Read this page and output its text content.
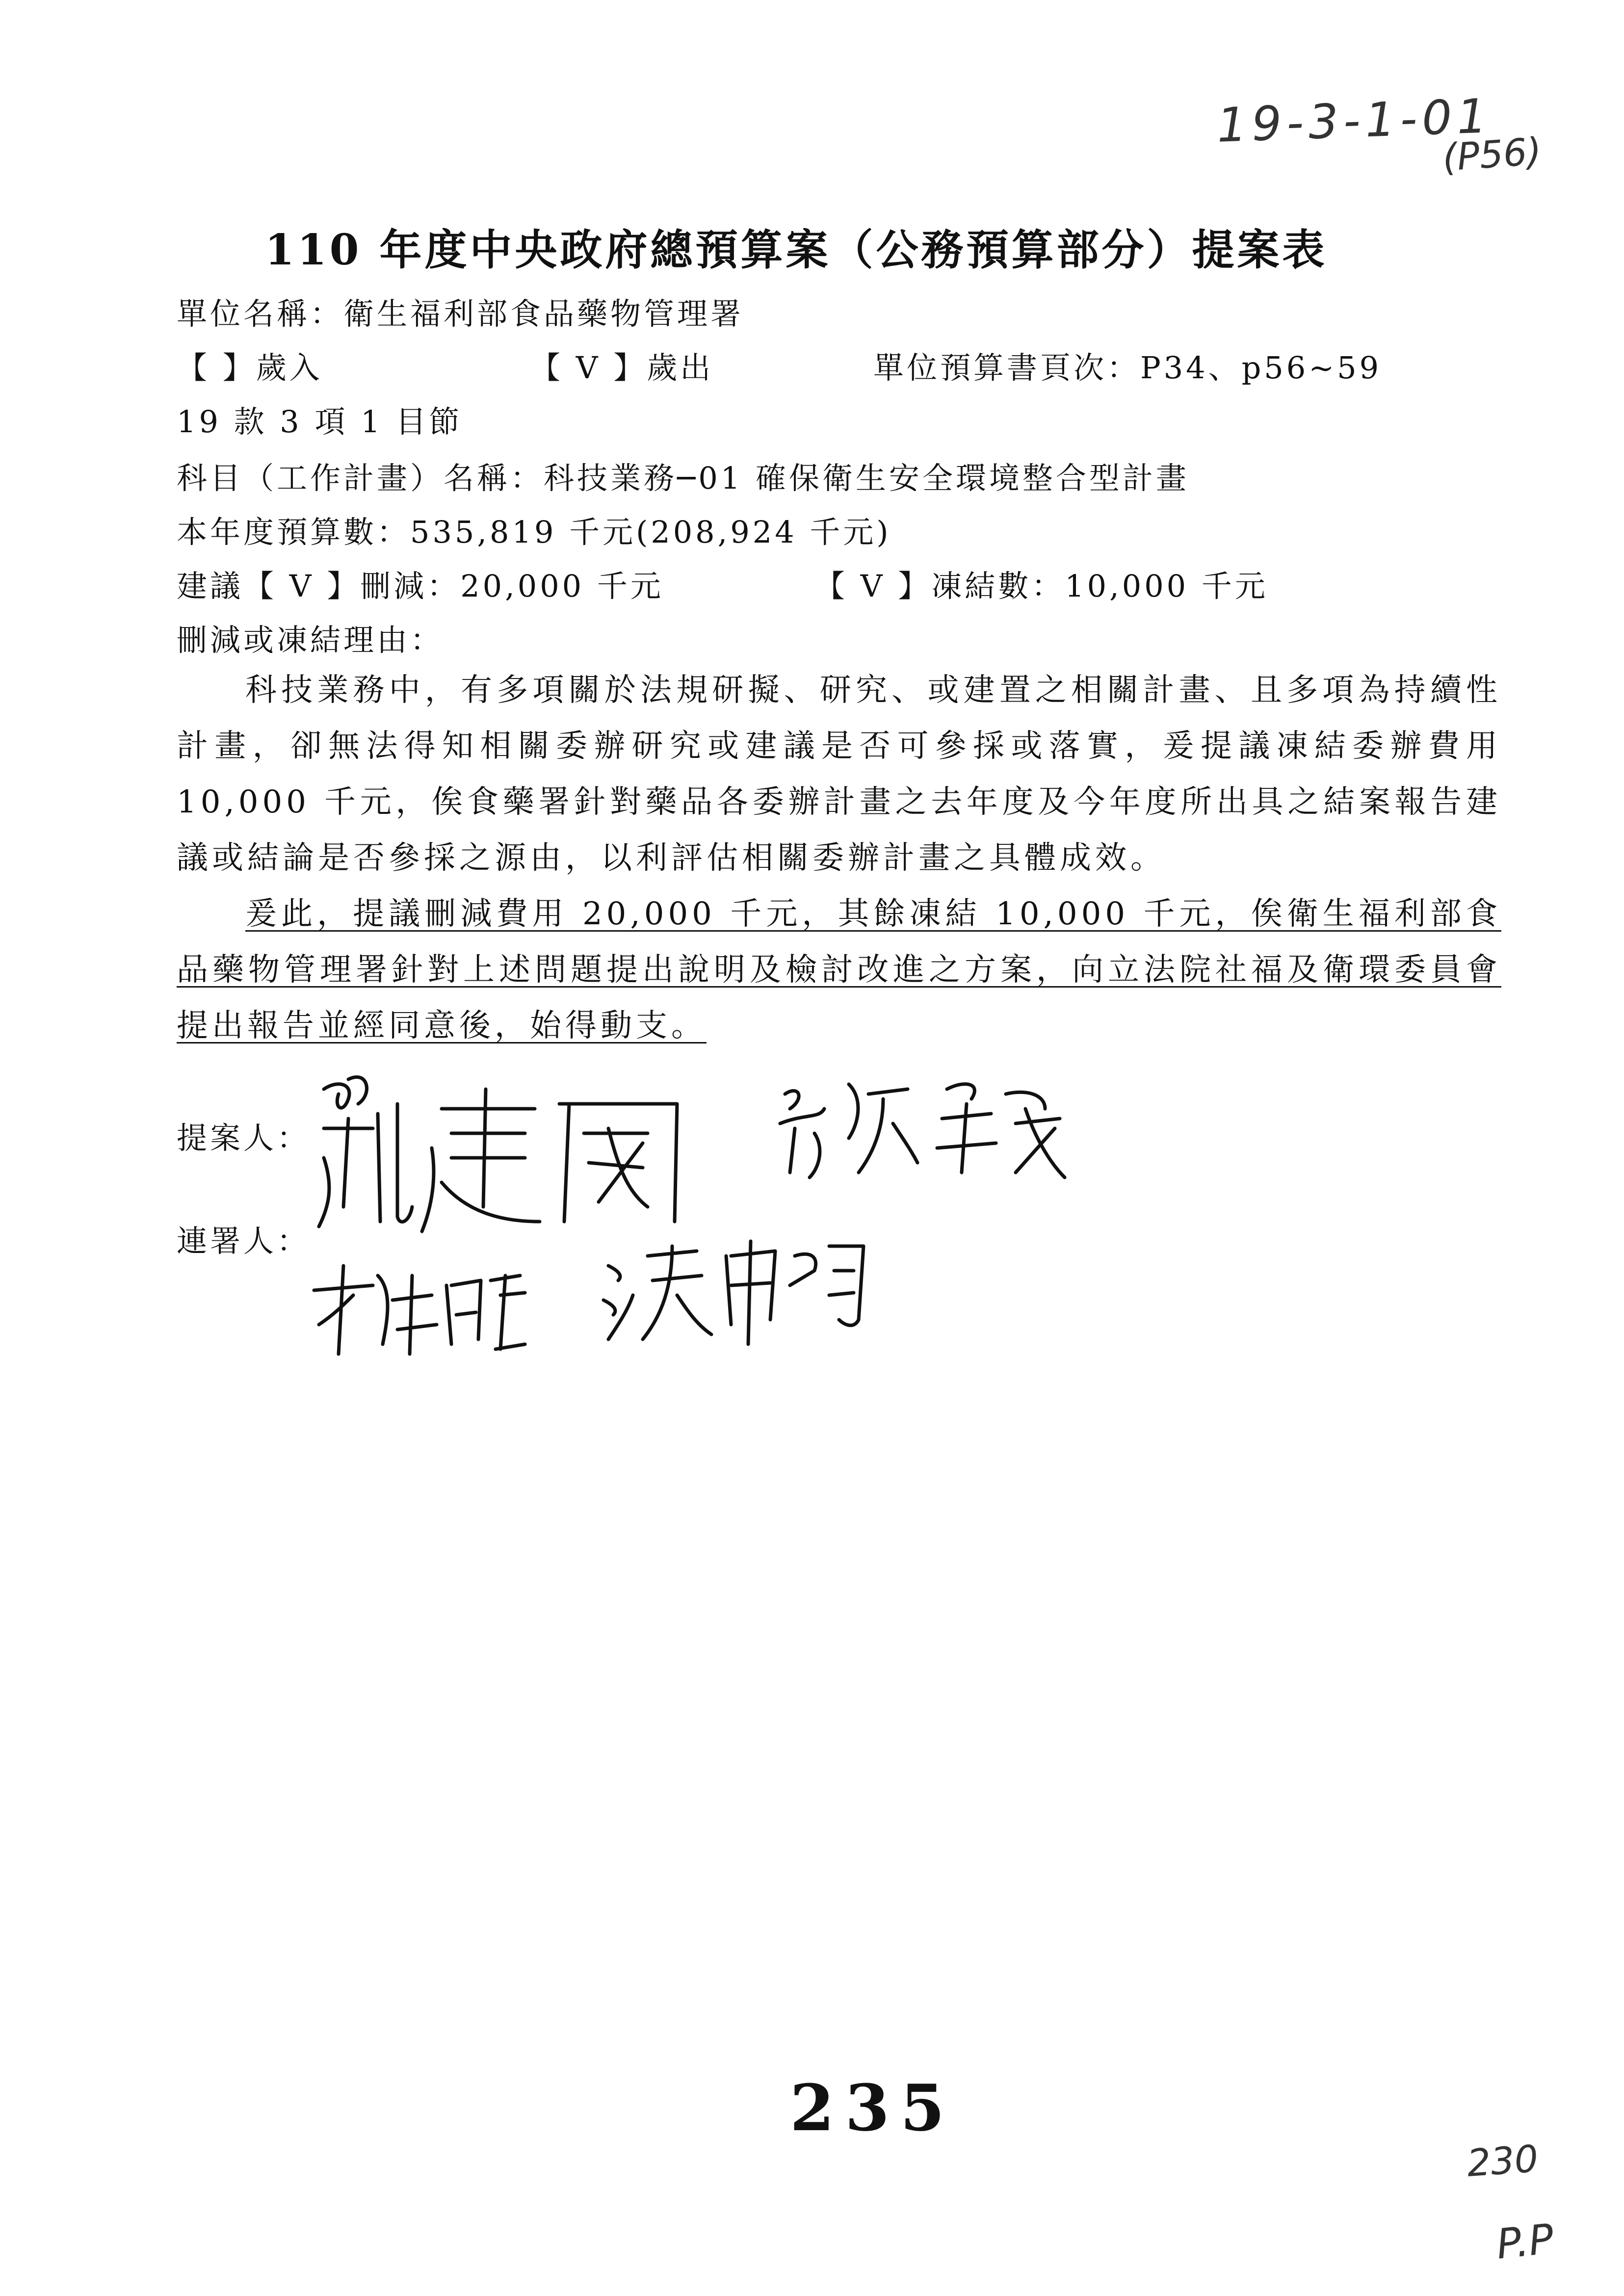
19-3-1-01
(P56)
110 年度中央政府總預算案（公務預算部分）提案表
單位名稱：衛生福利部食品藥物管理署
【 】歲入	【 V 】歲出	單位預算書頁次：P34、p56~59
19 款 3 項 1 目節
科目（工作計畫）名稱：科技業務─01 確保衛生安全環境整合型計畫
本年度預算數：535,819 千元(208,924 千元)
建議【 V 】刪減：20,000 千元	【 V 】凍結數：10,000 千元
刪減或凍結理由：

科技業務中，有多項關於法規研擬、研究、或建置之相關計畫、且多項為持續性計畫，卻無法得知相關委辦研究或建議是否可參採或落實，爰提議凍結委辦費用 10,000 千元，俟食藥署針對藥品各委辦計畫之去年度及今年度所出具之結案報告建議或結論是否參採之源由，以利評估相關委辦計畫之具體成效。

爰此，提議刪減費用 20,000 千元，其餘凍結 10,000 千元，俟衛生福利部食品藥物管理署針對上述問題提出說明及檢討改進之方案，向立法院社福及衛環委員會提出報告並經同意後，始得動支。

提案人：
連署人：
235
230
P.P
